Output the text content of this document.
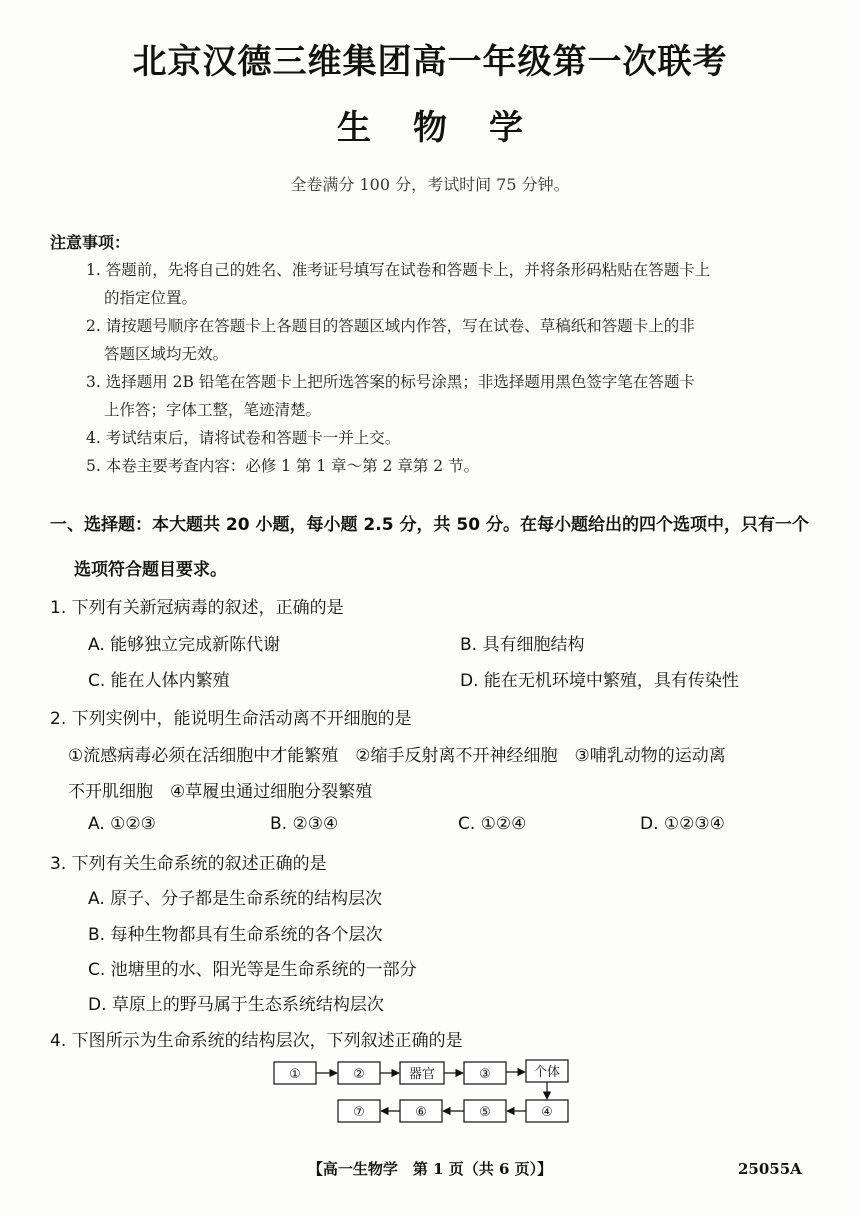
北京汉德三维集团高一年级第一次联考
生物学
全卷满分 100 分，考试时间 75 分钟。
注意事项：
1. 答题前，先将自己的姓名、准考证号填写在试卷和答题卡上，并将条形码粘贴在答题卡上
的指定位置。
2. 请按题号顺序在答题卡上各题目的答题区域内作答，写在试卷、草稿纸和答题卡上的非
答题区域均无效。
3. 选择题用 2B 铅笔在答题卡上把所选答案的标号涂黑；非选择题用黑色签字笔在答题卡
上作答；字体工整，笔迹清楚。
4. 考试结束后，请将试卷和答题卡一并上交。
5. 本卷主要考查内容：必修 1 第 1 章～第 2 章第 2 节。
一、选择题：本大题共 20 小题，每小题 2.5 分，共 50 分。在每小题给出的四个选项中，只有一个
选项符合题目要求。
1. 下列有关新冠病毒的叙述，正确的是
A. 能够独立完成新陈代谢	B. 具有细胞结构
C. 能在人体内繁殖	D. 能在无机环境中繁殖，具有传染性
2. 下列实例中，能说明生命活动离不开细胞的是
①流感病毒必须在活细胞中才能繁殖　②缩手反射离不开神经细胞　③哺乳动物的运动离
不开肌细胞　④草履虫通过细胞分裂繁殖
A. ①②③	B. ②③④	C. ①②④	D. ①②③④
3. 下列有关生命系统的叙述正确的是
A. 原子、分子都是生命系统的结构层次
B. 每种生物都具有生命系统的各个层次
C. 池塘里的水、阳光等是生命系统的一部分
D. 草原上的野马属于生态系统结构层次
4. 下图所示为生命系统的结构层次，下列叙述正确的是
①	②	器官	③	个体
⑦	⑥	⑤	④
【高一生物学　第 1 页（共 6 页）】	25055A
